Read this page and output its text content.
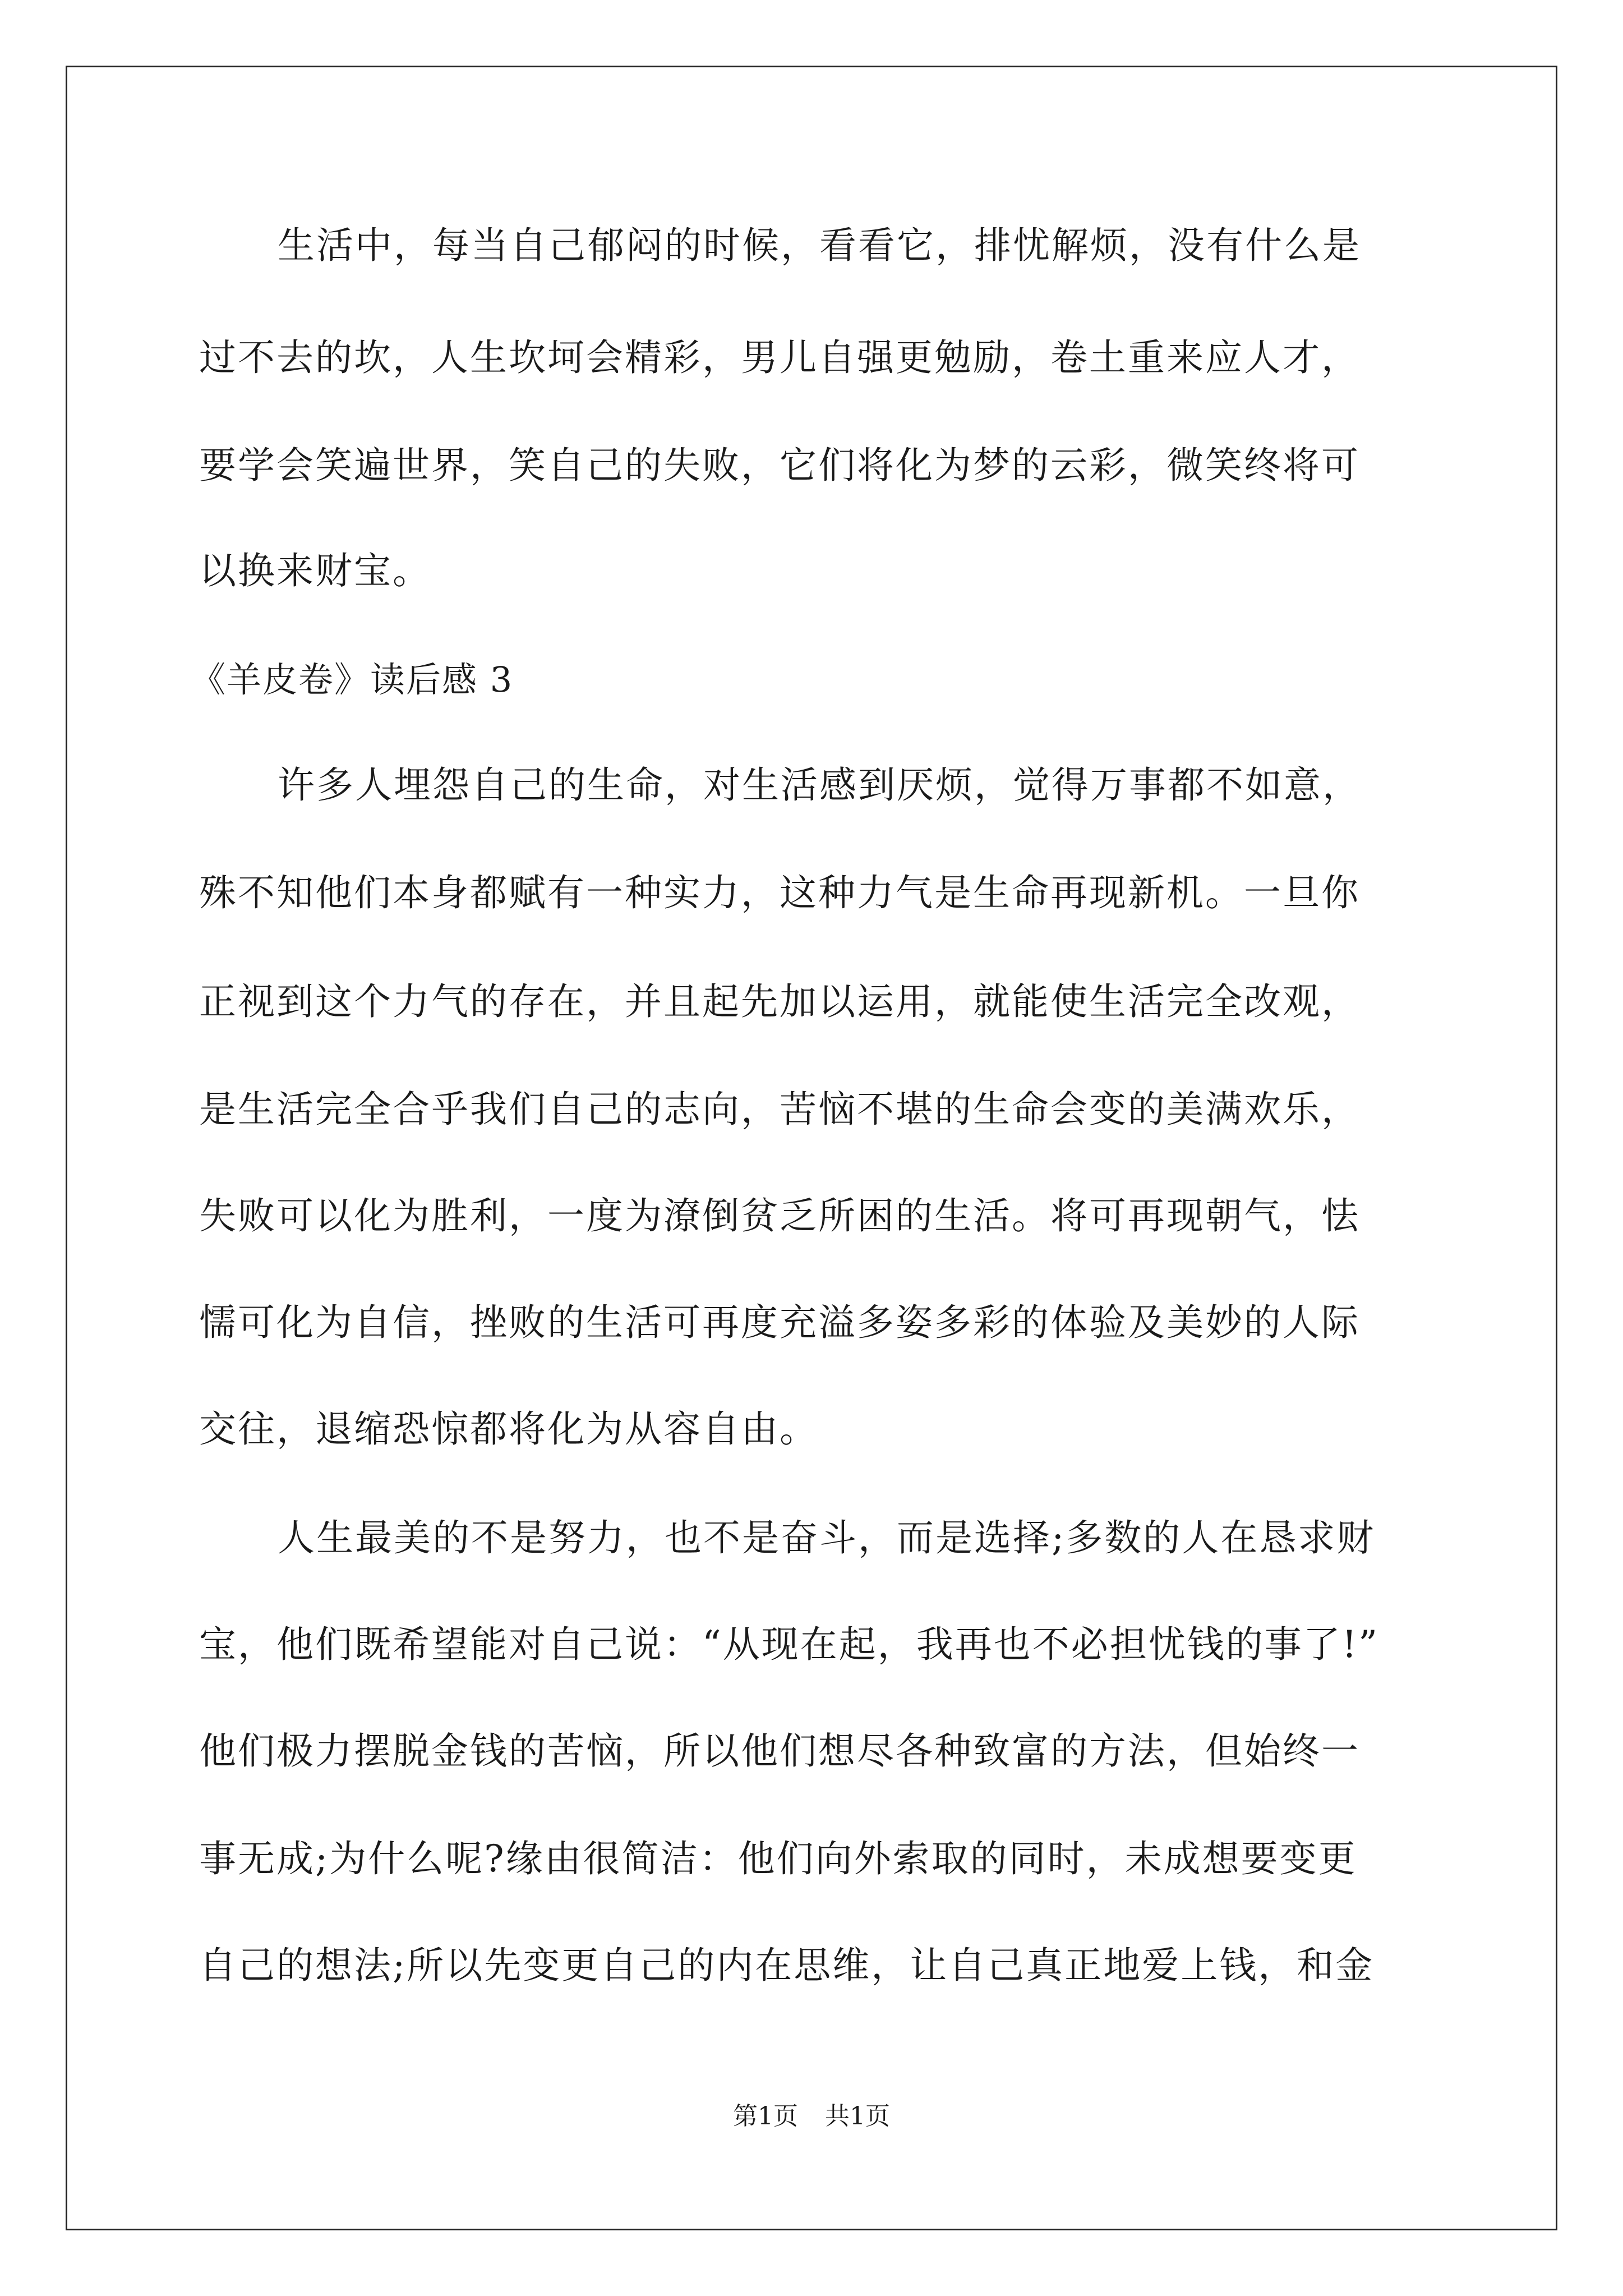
生活中，每当自己郁闷的时候，看看它，排忧解烦，没有什么是
过不去的坎，人生坎坷会精彩，男儿自强更勉励，卷土重来应人才，
要学会笑遍世界，笑自己的失败，它们将化为梦的云彩，微笑终将可
以换来财宝。
《羊皮卷》读后感 3
许多人埋怨自己的生命，对生活感到厌烦，觉得万事都不如意，
殊不知他们本身都赋有一种实力，这种力气是生命再现新机。一旦你
正视到这个力气的存在，并且起先加以运用，就能使生活完全改观，
是生活完全合乎我们自己的志向，苦恼不堪的生命会变的美满欢乐，
失败可以化为胜利，一度为潦倒贫乏所困的生活。将可再现朝气，怯
懦可化为自信，挫败的生活可再度充溢多姿多彩的体验及美妙的人际
交往，退缩恐惊都将化为从容自由。
人生最美的不是努力，也不是奋斗，而是选择;多数的人在恳求财
宝，他们既希望能对自己说：“从现在起，我再也不必担忧钱的事了!”
他们极力摆脱金钱的苦恼，所以他们想尽各种致富的方法，但始终一
事无成;为什么呢?缘由很简洁：他们向外索取的同时，未成想要变更
自己的想法;所以先变更自己的内在思维，让自己真正地爱上钱，和金
第1页 共1页
